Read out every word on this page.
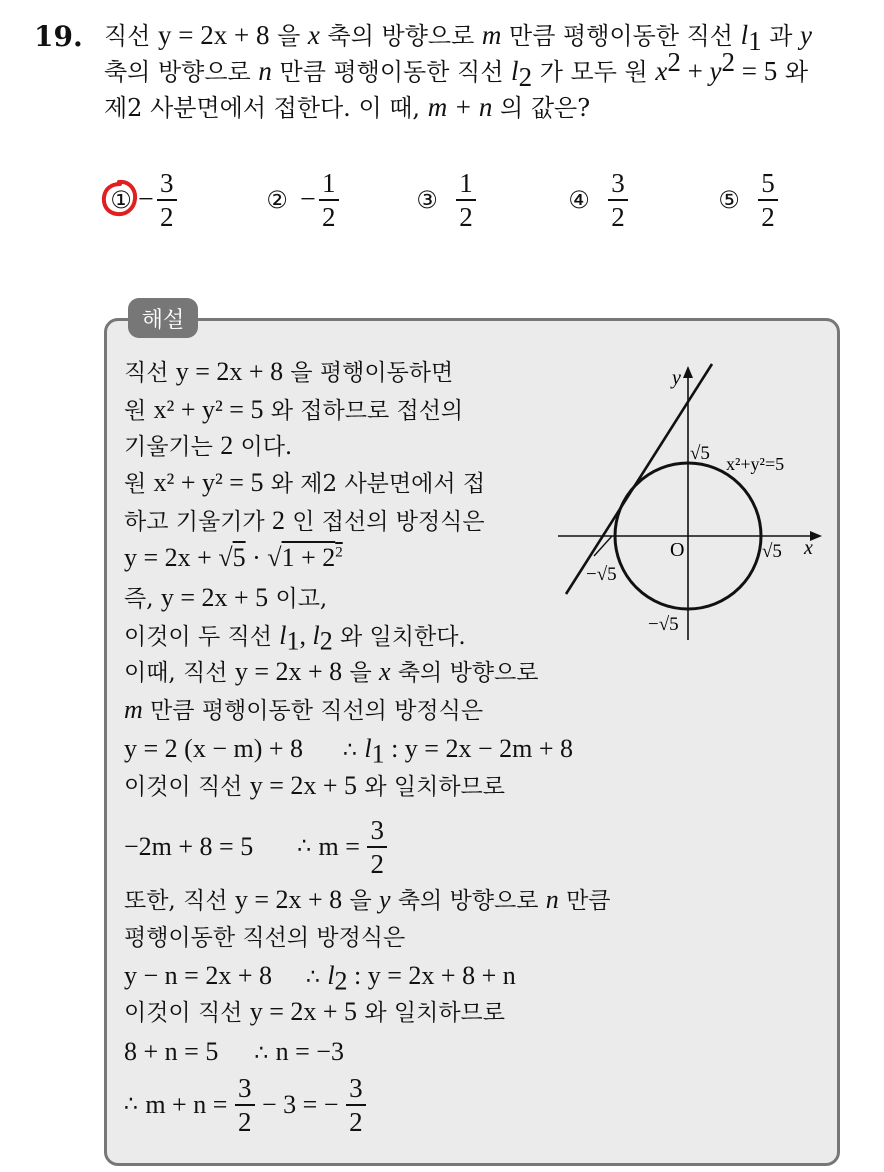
19. 직선 y = 2x + 8 을 x 축의 방향으로 m 만큼 평행이동한 직선 $l_1$ 과 y
축의 방향으로 n 만큼 평행이동한 직선 $l_2$ 가 모두 원 $x^2 + y^2 = 5$ 와
제2 사분면에서 접한다. 이 때, m + n 의 값은?
① − $\frac{3}{2}$	② − $\frac{1}{2}$	③ $\frac{1}{2}$	④ $\frac{3}{2}$	⑤ $\frac{5}{2}$
해설
직선 y = 2x + 8 을 평행이동하면
원 x² + y² = 5 와 접하므로 접선의
기울기는 2 이다.
원 x² + y² = 5 와 제2 사분면에서 접
하고 기울기가 2 인 접선의 방정식은
$y = 2x + √5 \cdot √1 + 2^2$
즉, y = 2x + 5 이고,
이것이 두 직선 $l_1$, $l_2$ 와 일치한다.
이때, 직선 y = 2x + 8 을 x 축의 방향으로
m 만큼 평행이동한 직선의 방정식은
y = 2 (x − m) + 8 ∴ $l_1$ : y = 2x − 2m + 8
이것이 직선 y = 2x + 5 와 일치하므로
−2m + 8 = 5 ∴
m =
$\frac{3}{2}$
또한, 직선 y = 2x + 8 을 y 축의 방향으로 n 만큼
평행이동한 직선의 방정식은
y − n = 2x + 8 ∴ $l_2$ : y = 2x + 8 + n
이것이 직선 y = 2x + 5 와 일치하므로
8 + n = 5 ∴ n = −3
∴
m + n =
$\frac{3}{2}$
− 3 = −
$\frac{3}{2}$
y
x
O
√5 x²+y²=5
√5
−√5
−√5
